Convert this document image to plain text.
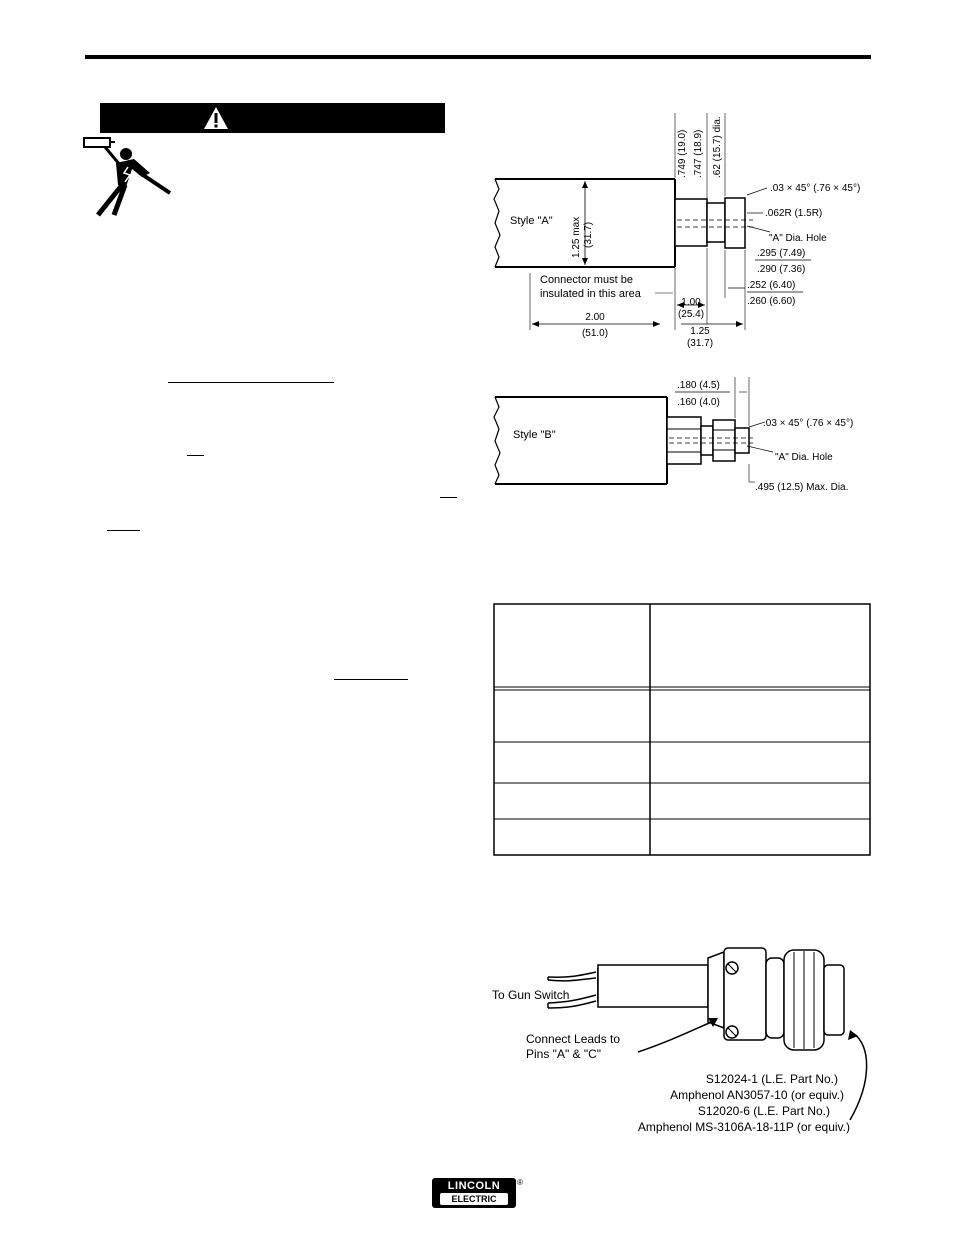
1.25 max (31.7)
Style "A"
.749 (19.0) .747 (18.9) .62 (15.7) dia.
.03 × 45° (.76 × 45°)
.062R (1.5R)
"A" Dia. Hole
.295 (7.49)
.290 (7.36)
.252 (6.40)
.260 (6.60)
Connector must be
insulated in this area
1.00
(25.4)
2.00
(51.0)	1.25
(31.7)
Style "B"
.180 (4.5)
.160 (4.0)
.03 × 45° (.76 × 45°)
"A" Dia. Hole
.495 (12.5) Max. Dia.
To Gun Switch
Connect Leads to
Pins "A" & "C"
S12024-1 (L.E. Part No.)
Amphenol AN3057-10 (or equiv.)
S12020-6 (L.E. Part No.)
Amphenol MS-3106A-18-11P (or equiv.)
LINCOLN
ELECTRIC
®
